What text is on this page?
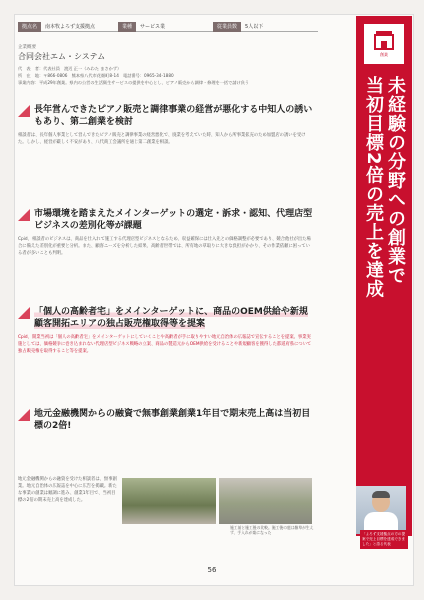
拠点名	南本牧よろず支援拠点	業種	サービス業	従業員数	5人以下
企業概要
合同会社エム・システム
代　表　者：代表社員　渡辺 正一（みわた まさかず）
所　在　地：〒866-0806　熊本県八代市花畑町8-14　電話番号：0965-34-1880
事業内容：平成29年創業。県内の公営の生活衛生サービスの提供を中心とし、ピアノ販売から調律・修理を一括で請け負う
創業
未経験の分野への創業で
当初目標2倍の売上を達成
長年営んできたピアノ販売と調律事業の経営が悪化する中知人の誘いもあり、第二創業を検討
相談者は、長年個人事業として営んできたピアノ販売と調律事業の経営悪化で、廃業を考えていた時、知人から所事業拡充のため加盟店の誘いを受けた。しかし、経営が厳しく不安があり、八代商工会議所を通じ第二創業を相談。
市場環境を踏まえたメインターゲットの選定・訴求・認知、代理店型ビジネスの差別化等が課題
Cpid、相談者のビジネスは、商品を仕入れて施工する代理店型ビジネスとなるため、収益確保には仕入先との価格調整が必要であり、競合他社が出た場合に備えた差別化が重要と分析。また、顧客ニーズを分析した結果、高齢者世帯では、所有地の草取りに大きな負担がかかり、その作業依頼に困っている者が多いことも判明。
「個人の高齢者宅」をメインターゲットに、商品のOEM供給や新規顧客開拓エリアの独占販売権取得等を提案
Cpid、開業当初は「個人の高齢者宅」をメインターゲットにしていくことや高齢者が手に取りやすい地元自治体の広報誌で宣伝することを提案。事業実施としては、価格競争に巻き込まれない代理店型ビジネス戦略の立案、商品の製造元からOEM供給を受けることや新規顧客を獲得した都道府県について独占販売権を取得すること等を提案。
地元金融機関からの融資で無事創業創業1年目で期末売上高は当初目標の2倍!
地元金融機関からの融資を受けた相談者は、無事創業。地元自治体の広報誌を中心に広告を掲載。新たな事業の創業は順調に進み、創業1年目で、当初目標の2倍の期末売上高を達成した。
施工前と施工後の比較。施工後の庭は雑草が生えず、手入れが楽になった	「よろず支援拠点の方の提案で売上目標を達成できました」と語る代表
56
